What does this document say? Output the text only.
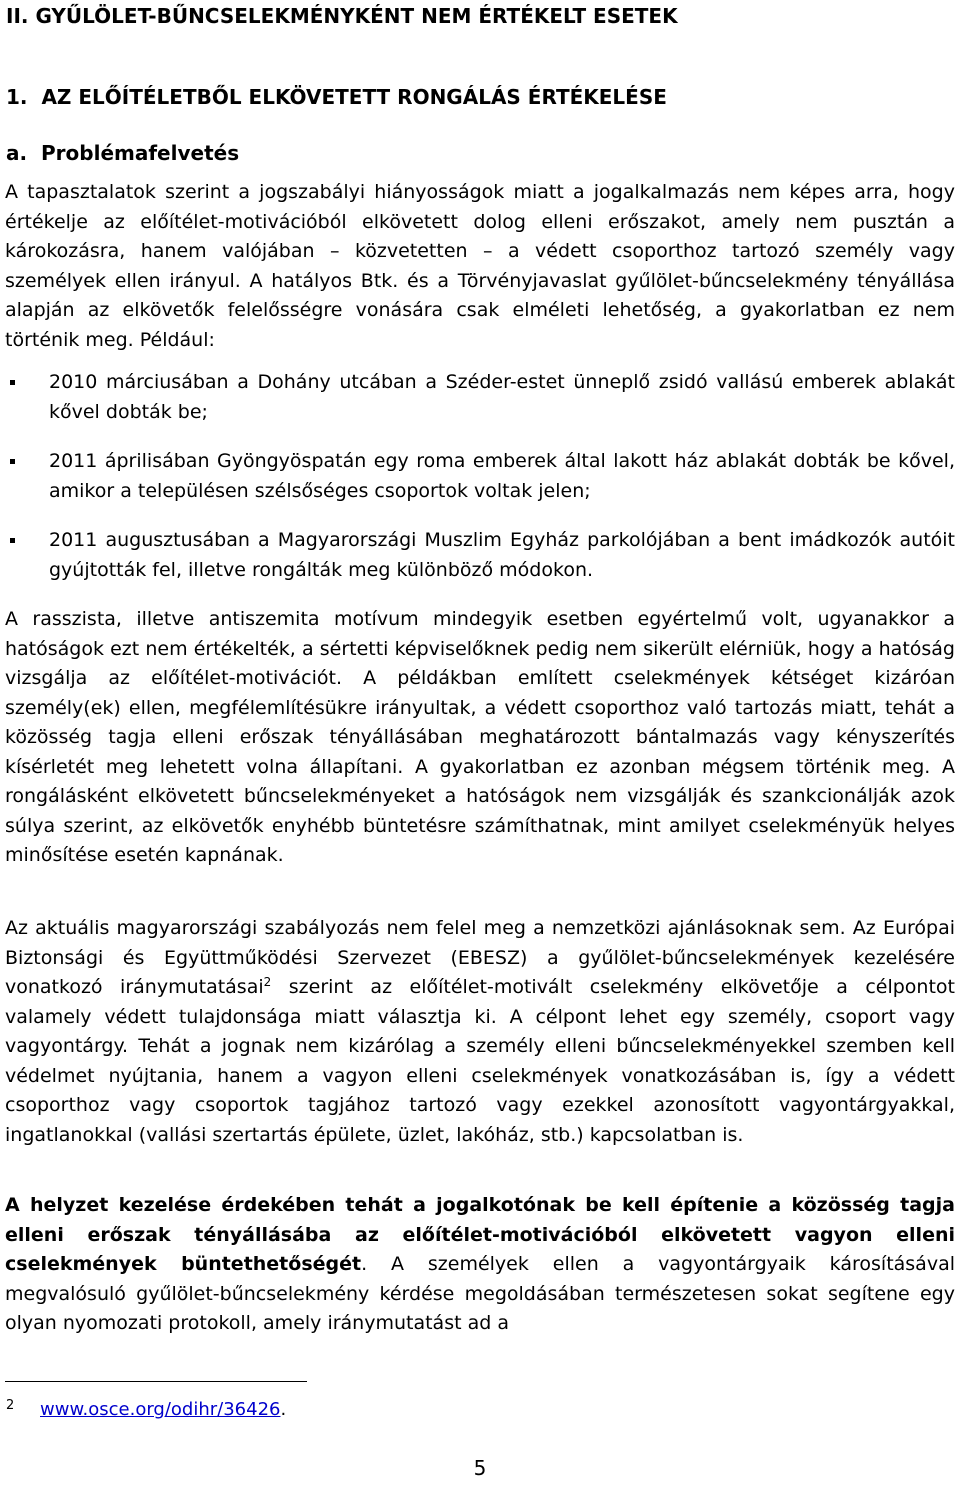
II. GYŰLÖLET-BŰNCSELEKMÉNYKÉNT NEM ÉRTÉKELT ESETEK
1.  AZ ELŐÍTÉLETBŐL ELKÖVETETT RONGÁLÁS ÉRTÉKELÉSE
a.  Problémafelvetés

A tapasztalatok szerint a jogszabályi hiányosságok miatt a jogalkalmazás nem képes arra, hogy értékelje az előítélet-motivációból elkövetett dolog elleni erőszakot, amely nem pusztán a károkozásra, hanem valójában – közvetetten – a védett csoporthoz tartozó személy vagy személyek ellen irányul. A hatályos Btk. és a Törvényjavaslat gyűlölet-bűncselekmény tényállása alapján az elkövetők felelősségre vonására csak elméleti lehetőség, a gyakorlatban ez nem történik meg. Például:

2010 márciusában a Dohány utcában a Széder-estet ünneplő zsidó vallású emberek ablakát kővel dobták be;
2011 áprilisában Gyöngyöspatán egy roma emberek által lakott ház ablakát dobták be kővel, amikor a településen szélsőséges csoportok voltak jelen;
2011 augusztusában a Magyarországi Muszlim Egyház parkolójában a bent imádkozók autóit gyújtották fel, illetve rongálták meg különböző módokon.

A rasszista, illetve antiszemita motívum mindegyik esetben egyértelmű volt, ugyanakkor a hatóságok ezt nem értékelték, a sértetti képviselőknek pedig nem sikerült elérniük, hogy a hatóság vizsgálja az előítélet-motivációt. A példákban említett cselekmények kétséget kizáróan személy(ek) ellen, megfélemlítésükre irányultak, a védett csoporthoz való tartozás miatt, tehát a közösség tagja elleni erőszak tényállásában meghatározott bántalmazás vagy kényszerítés kísérletét meg lehetett volna állapítani. A gyakorlatban ez azonban mégsem történik meg. A rongálásként elkövetett bűncselekményeket a hatóságok nem vizsgálják és szankcionálják azok súlya szerint, az elkövetők enyhébb büntetésre számíthatnak, mint amilyet cselekményük helyes minősítése esetén kapnának.

Az aktuális magyarországi szabályozás nem felel meg a nemzetközi ajánlásoknak sem. Az Európai Biztonsági és Együttműködési Szervezet (EBESZ) a gyűlölet-bűncselekmények kezelésére vonatkozó iránymutatásai$^2$ szerint az előítélet-motivált cselekmény elkövetője a célpontot valamely védett tulajdonsága miatt választja ki. A célpont lehet egy személy, csoport vagy vagyontárgy. Tehát a jognak nem kizárólag a személy elleni bűncselekményekkel szemben kell védelmet nyújtania, hanem a vagyon elleni cselekmények vonatkozásában is, így a védett csoporthoz vagy csoportok tagjához tartozó vagy ezekkel azonosított vagyontárgyakkal, ingatlanokkal (vallási szertartás épülete, üzlet, lakóház, stb.) kapcsolatban is.

A helyzet kezelése érdekében tehát a jogalkotónak be kell építenie a közösség tagja elleni erőszak tényállásába az előítélet-motivációból elkövetett vagyon elleni cselekmények büntethetőségét. A személyek ellen a vagyontárgyaik károsításával megvalósuló gyűlölet-bűncselekmény kérdése megoldásában természetesen sokat segítene egy olyan nyomozati protokoll, amely iránymutatást ad a

2 www.osce.org/odihr/36426.
5
